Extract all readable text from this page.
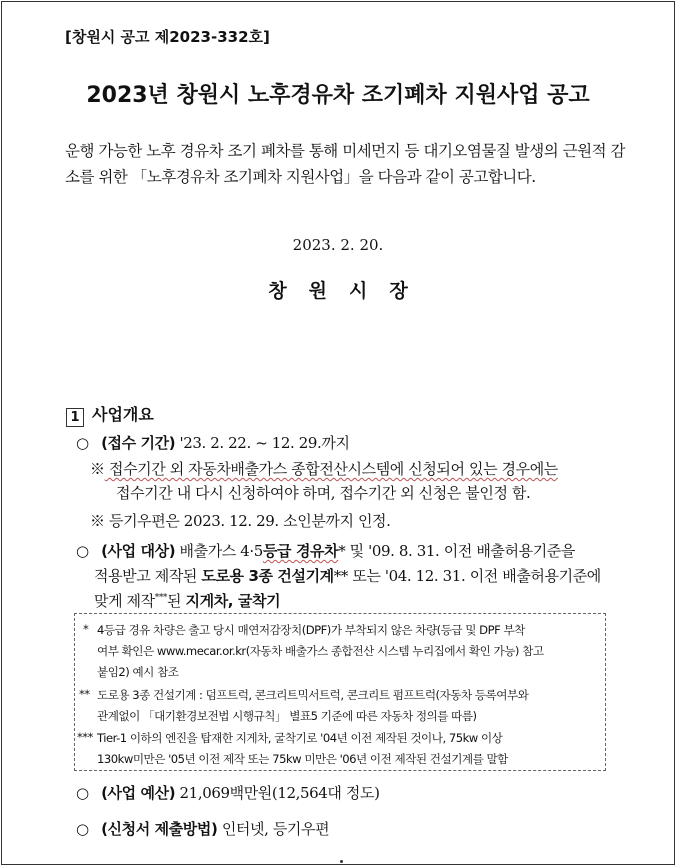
[창원시 공고 제2023-332호]
2023년 창원시 노후경유차 조기폐차 지원사업 공고
운행 가능한 노후 경유차 조기 폐차를 통해 미세먼지 등 대기오염물질 발생의 근원적 감소를 위한 「노후경유차 조기폐차 지원사업」을 다음과 같이 공고합니다.
2023. 2. 20.
창원시장
1 사업개요
○ (접수 기간) '23. 2. 22. ~ 12. 29.까지
※ 접수기간 외 자동차배출가스 종합전산시스템에 신청되어 있는 경우에는
접수기간 내 다시 신청하여야 하며, 접수기간 외 신청은 불인정 함.
※ 등기우편은 2023. 12. 29. 소인분까지 인정.
○ (사업 대상) 배출가스 4·5등급 경유차* 및 '09. 8. 31. 이전 배출허용기준을
적용받고 제작된 도로용 3종 건설기계** 또는 '04. 12. 31. 이전 배출허용기준에
맞게 제작***된 지게차, 굴착기
* 4등급 경유 차량은 출고 당시 매연저감장치(DPF)가 부착되지 않은 차량(등급 및 DPF 부착
여부 확인은 www.mecar.or.kr(자동차 배출가스 종합전산 시스템 누리집에서 확인 가능) 참고
붙임2) 예시 참조
** 도로용 3종 건설기계 : 덤프트럭, 콘크리트믹서트럭, 콘크리트 펌프트럭(자동차 등록여부와
관계없이 「대기환경보전법 시행규칙」 별표5 기준에 따른 자동차 정의를 따름)
*** Tier-1 이하의 엔진을 탑재한 지게차, 굴착기로 '04년 이전 제작된 것이나, 75kw 이상
130kw미만은 '05년 이전 제작 또는 75kw 미만은 '06년 이전 제작된 건설기계를 말함
○ (사업 예산) 21,069백만원(12,564대 정도)
○ (신청서 제출방법) 인터넷, 등기우편
